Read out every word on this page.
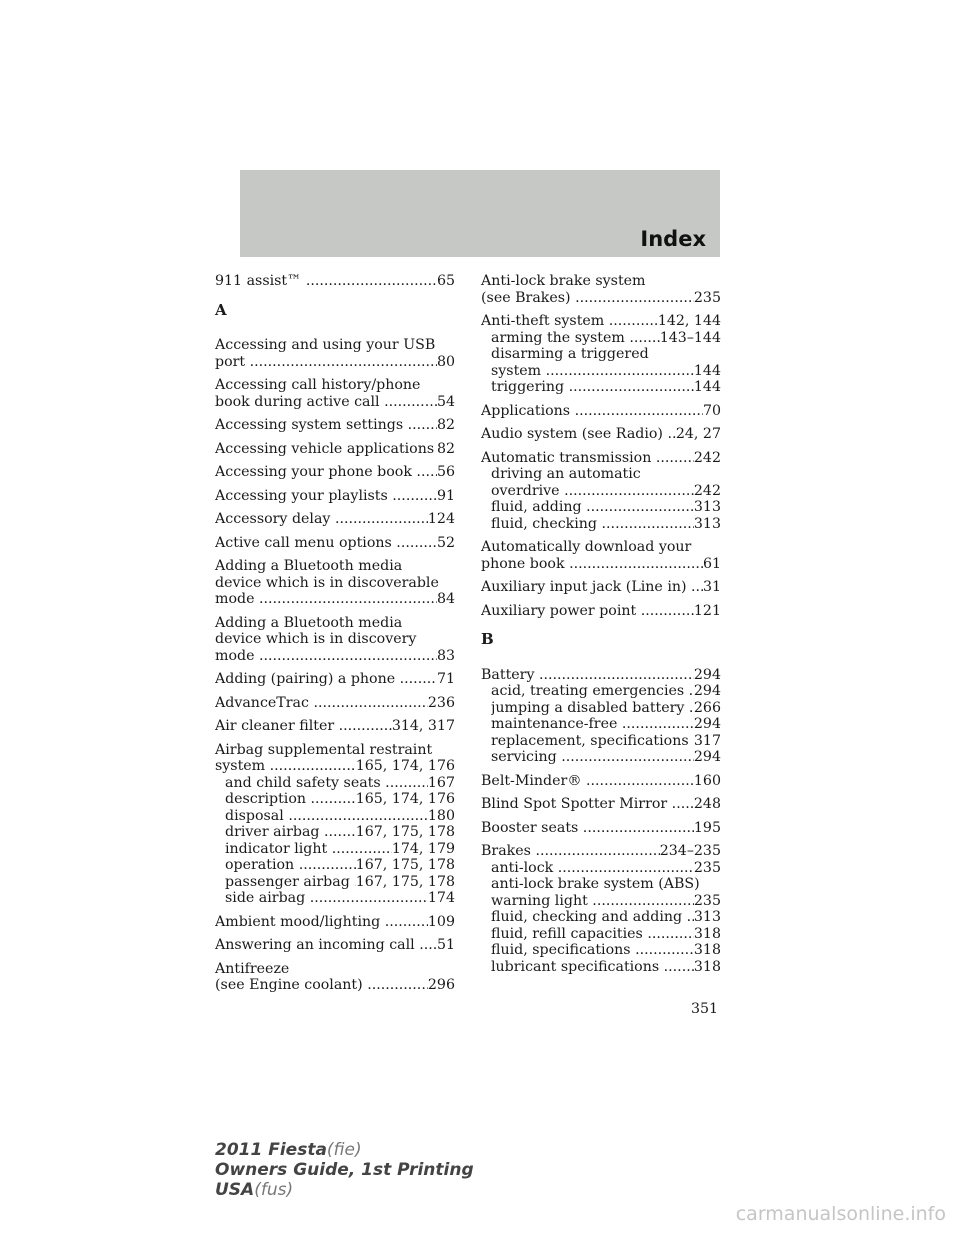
Index
911 assist™ .....	65
A
Accessing and using your USB
port .....	80
Accessing call history/phone
book during active call .....	54
Accessing system settings .....	82
Accessing vehicle applications ..... 82
Accessing your phone book .....	56
Accessing your playlists .....	91
Accessory delay .....	124
Active call menu options .....	52
Adding a Bluetooth media
device which is in discoverable
mode .....	84
Adding a Bluetooth media
device which is in discovery
mode .....	83
Adding (pairing) a phone .....	71
AdvanceTrac .....	236
Air cleaner filter .....	314, 317
Airbag supplemental restraint
system .....	165, 174, 176
and child safety seats .....	167
description .....	165, 174, 176
disposal .....	180
driver airbag .....	167, 175, 178
indicator light .....	174, 179
operation .....	167, 175, 178
passenger airbag ..... 167, 175, 178
side airbag .....	174
Ambient mood/lighting .....	109
Answering an incoming call .....	51
Antifreeze
(see Engine coolant) .....	296
Anti-lock brake system
(see Brakes) .....	235
Anti-theft system .....	142, 144
arming the system .....	143–144
disarming a triggered
system .....	144
triggering .....	144
Applications .....	70
Audio system (see Radio) ..... 24, 27
Automatic transmission .....	242
driving an automatic
overdrive .....	242
fluid, adding .....	313
fluid, checking .....	313
Automatically download your
phone book .....	61
Auxiliary input jack (Line in) .....	31
Auxiliary power point .....	121
B
Battery .....	294
acid, treating emergencies ..... 294
jumping a disabled battery ..... 266
maintenance-free .....	294
replacement, specifications ..... 317
servicing .....	294
Belt-Minder® .....	160
Blind Spot Spotter Mirror .....	248
Booster seats .....	195
Brakes .....	234–235
anti-lock .....	235
anti-lock brake system (ABS)
warning light .....	235
fluid, checking and adding ..... 313
fluid, refill capacities .....	318
fluid, specifications .....	318
lubricant specifications .....	318
351
2011 Fiesta(fie)
Owners Guide, 1st Printing
USA(fus)
carmanualsonline.info
